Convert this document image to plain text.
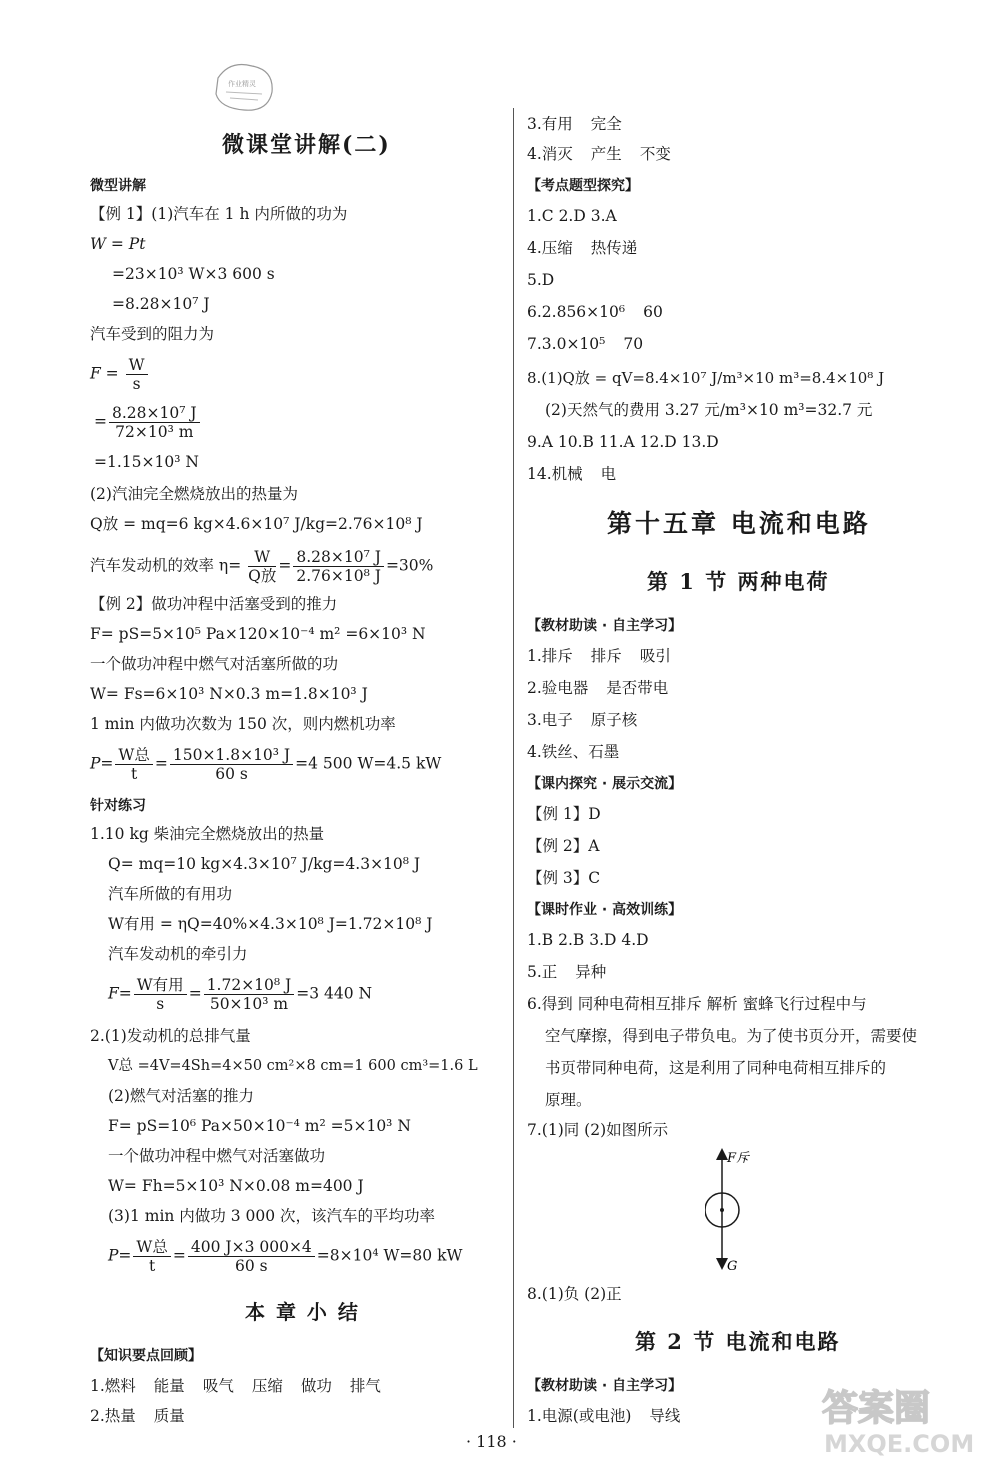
作业精灵
微课堂讲解(二)
微型讲解
【例 1】(1)汽车在 1 h 内所做的功为
W = Pt
=23×10³ W×3 600 s
=8.28×10⁷ J
汽车受到的阻力为
$F = \frac{W}{s}$
= $\frac{\text{8.28×10⁷ J}}{\text{72×10³ m}}$
=1.15×10³ N
(2)汽油完全燃烧放出的热量为
Q放 = mq=6 kg×4.6×10⁷ J/kg=2.76×10⁸ J
汽车发动机的效率 $\eta= \frac{W}{\text{Q放}} = \frac{\text{8.28×10⁷ J}}{\text{2.76×10⁸ J}} =30\%$
【例 2】做功冲程中活塞受到的推力
F= pS=5×10⁵ Pa×120×10⁻⁴ m² =6×10³ N
一个做功冲程中燃气对活塞所做的功
W= Fs=6×10³ N×0.3 m=1.8×10³ J
1 min 内做功次数为 150 次，则内燃机功率
$P= \frac{\text{W总}}{t} = \frac{\text{150×1.8×10³ J}}{60 s} =4$ 500 W=4.5 kW
针对练习
1.10 kg 柴油完全燃烧放出的热量
Q= mq=10 kg×4.3×10⁷ J/kg=4.3×10⁸ J
汽车所做的有用功
W有用 = ηQ=40%×4.3×10⁸ J=1.72×10⁸ J
汽车发动机的牵引力
$F= \frac{\text{W有用}}{s} = \frac{\text{1.72×10⁸ J}}{\text{50×10³ m}} =3$ 440 N
2.(1)发动机的总排气量
V总 =4V=4Sh=4×50 cm²×8 cm=1 600 cm³=1.6 L
(2)燃气对活塞的推力
F= pS=10⁶ Pa×50×10⁻⁴ m² =5×10³ N
一个做功冲程中燃气对活塞做功
W= Fh=5×10³ N×0.08 m=400 J
(3)1 min 内做功 3 000 次，该汽车的平均功率
$P= \frac{\text{W总}}{t} = \frac{400 J\times 3 000\times 4}{60 s} =8\times 10^4$ W=80 kW
本 章 小 结
【知识要点回顾】
1.燃料 能量 吸气 压缩 做功 排气
2.热量 质量
3.有用 完全
4.消灭 产生 不变
【考点题型探究】
1.C 2.D 3.A
4.压缩 热传递
5.D
6.2.856×10⁶ 60
7.3.0×10⁵ 70
8.(1)Q放 = qV=8.4×10⁷ J/m³×10 m³=8.4×10⁸ J
(2)天然气的费用 3.27 元/m³×10 m³=32.7 元
9.A 10.B 11.A 12.D 13.D
14.机械 电
第十五章 电流和电路
第 1 节 两种电荷
【教材助读 · 自主学习】
1.排斥 排斥 吸引
2.验电器 是否带电
3.电子 原子核
4.铁丝、石墨
【课内探究 · 展示交流】
【例 1】D
【例 2】A
【例 3】C
【课时作业 · 高效训练】
1.B 2.B 3.D 4.D
5.正 异种
6.得到 同种电荷相互排斥 解析 蜜蜂飞行过程中与
空气摩擦，得到电子带负电。为了使书页分开，需要使
书页带同种电荷，这是利用了同种电荷相互排斥的
原理。
7.(1)同 (2)如图所示
F斥
G
8.(1)负 (2)正
第 2 节 电流和电路
【教材助读 · 自主学习】
1.电源(或电池) 导线
· 118 ·
答案圈
MXQE.COM
